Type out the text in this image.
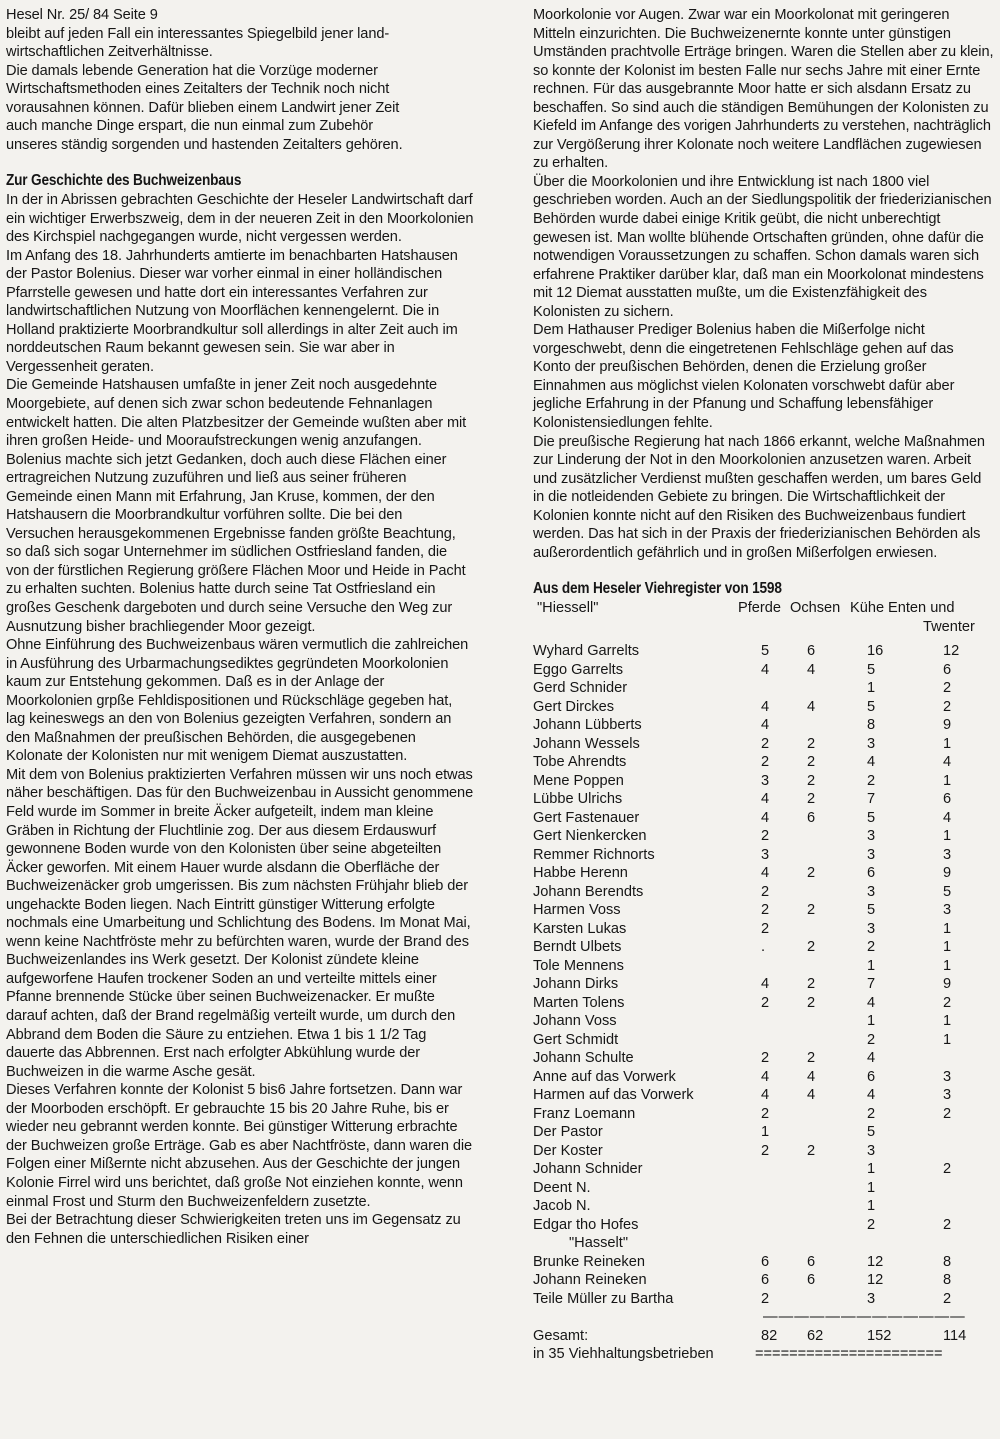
Hesel Nr. 25/ 84 Seite 9

bleibt auf jeden Fall ein interessantes Spiegelbild jener land-
wirtschaftlichen Zeitverhältnisse.
Die damals lebende Generation hat die Vorzüge moderner
Wirtschaftsmethoden eines Zeitalters der Technik noch nicht
vorausahnen können. Dafür blieben einem Landwirt jener Zeit
auch manche Dinge erspart, die nun einmal zum Zubehör
unseres ständig sorgenden und hastenden Zeitalters gehören.
Zur Geschichte des Buchweizenbaus

In der in Abrissen gebrachten Geschichte der Heseler Landwirtschaft darf ein wichtiger Erwerbszweig, dem in der neueren Zeit in den Moorkolonien des Kirchspiel nachgegangen wurde, nicht vergessen werden.

Im Anfang des 18. Jahrhunderts amtierte im benachbarten Hatshausen der Pastor Bolenius. Dieser war vorher einmal in einer holländischen Pfarrstelle gewesen und hatte dort ein interessantes Verfahren zur landwirtschaftlichen Nutzung von Moorflächen kennengelernt. Die in Holland praktizierte Moorbrandkultur soll allerdings in alter Zeit auch im norddeutschen Raum bekannt gewesen sein. Sie war aber in Vergessenheit geraten.

Die Gemeinde Hatshausen umfaßte in jener Zeit noch ausgedehnte Moorgebiete, auf denen sich zwar schon bedeutende Fehnanlagen entwickelt hatten. Die alten Platzbesitzer der Gemeinde wußten aber mit ihren großen Heide- und Mooraufstreckungen wenig anzufangen.

Bolenius machte sich jetzt Gedanken, doch auch diese Flächen einer ertragreichen Nutzung zuzuführen und ließ aus seiner früheren Gemeinde einen Mann mit Erfahrung, Jan Kruse, kommen, der den Hatshausern die Moorbrandkultur vorführen sollte. Die bei den Versuchen herausgekommenen Ergebnisse fanden größte Beachtung, so daß sich sogar Unternehmer im südlichen Ostfriesland fanden, die von der fürstlichen Regierung größere Flächen Moor und Heide in Pacht zu erhalten suchten. Bolenius hatte durch seine Tat Ostfriesland ein großes Geschenk dargeboten und durch seine Versuche den Weg zur Ausnutzung bisher brachliegender Moor gezeigt.

Ohne Einführung des Buchweizenbaus wären vermutlich die zahlreichen in Ausführung des Urbarmachungsediktes gegründeten Moorkolonien kaum zur Entstehung gekommen. Daß es in der Anlage der Moorkolonien grpße Fehldispositionen und Rückschläge gegeben hat, lag keineswegs an den von Bolenius gezeigten Verfahren, sondern an den Maßnahmen der preußischen Behörden, die ausgegebenen Kolonate der Kolonisten nur mit wenigem Diemat auszustatten.

Mit dem von Bolenius praktizierten Verfahren müssen wir uns noch etwas näher beschäftigen. Das für den Buchweizenbau in Aussicht genommene Feld wurde im Sommer in breite Äcker aufgeteilt, indem man kleine Gräben in Richtung der Fluchtlinie zog. Der aus diesem Erdauswurf gewonnene Boden wurde von den Kolonisten über seine abgeteilten Äcker geworfen. Mit einem Hauer wurde alsdann die Oberfläche der Buchweizenäcker grob umgerissen. Bis zum nächsten Frühjahr blieb der ungehackte Boden liegen. Nach Eintritt günstiger Witterung erfolgte nochmals eine Umarbeitung und Schlichtung des Bodens. Im Monat Mai, wenn keine Nachtfröste mehr zu befürchten waren, wurde der Brand des Buchweizenlandes ins Werk gesetzt. Der Kolonist zündete kleine aufgeworfene Haufen trockener Soden an und verteilte mittels einer Pfanne brennende Stücke über seinen Buchweizenacker. Er mußte darauf achten, daß der Brand regelmäßig verteilt wurde, um durch den Abbrand dem Boden die Säure zu entziehen. Etwa 1 bis 1 1/2 Tag dauerte das Abbrennen. Erst nach erfolgter Abkühlung wurde der Buchweizen in die warme Asche gesät.

Dieses Verfahren konnte der Kolonist 5 bis6 Jahre fortsetzen. Dann war der Moorboden erschöpft. Er gebrauchte 15 bis 20 Jahre Ruhe, bis er wieder neu gebrannt werden konnte. Bei günstiger Witterung erbrachte der Buchweizen große Erträge. Gab es aber Nachtfröste, dann waren die Folgen einer Mißernte nicht abzusehen. Aus der Geschichte der jungen Kolonie Firrel wird uns berichtet, daß große Not einziehen konnte, wenn einmal Frost und Sturm den Buchweizenfeldern zusetzte.

Bei der Betrachtung dieser Schwierigkeiten treten uns im Gegensatz zu den Fehnen die unterschiedlichen Risiken einer

Moorkolonie vor Augen. Zwar war ein Moorkolonat mit geringeren Mitteln einzurichten. Die Buchweizenernte konnte unter günstigen Umständen prachtvolle Erträge bringen. Waren die Stellen aber zu klein, so konnte der Kolonist im besten Falle nur sechs Jahre mit einer Ernte rechnen. Für das ausgebrannte Moor hatte er sich alsdann Ersatz zu beschaffen. So sind auch die ständigen Bemühungen der Kolonisten zu Kiefeld im Anfange des vorigen Jahrhunderts zu verstehen, nachträglich zur Vergößerung ihrer Kolonate noch weitere Landflächen zugewiesen zu erhalten.

Über die Moorkolonien und ihre Entwicklung ist nach 1800 viel geschrieben worden. Auch an der Siedlungspolitik der friederizianischen Behörden wurde dabei einige Kritik geübt, die nicht unberechtigt gewesen ist. Man wollte blühende Ortschaften gründen, ohne dafür die notwendigen Voraussetzungen zu schaffen. Schon damals waren sich erfahrene Praktiker darüber klar, daß man ein Moorkolonat mindestens mit 12 Diemat ausstatten mußte, um die Existenzfähigkeit des Kolonisten zu sichern.

Dem Hathauser Prediger Bolenius haben die Mißerfolge nicht vorgeschwebt, denn die eingetretenen Fehlschläge gehen auf das Konto der preußischen Behörden, denen die Erzielung großer Einnahmen aus möglichst vielen Kolonaten vorschwebt dafür aber jegliche Erfahrung in der Pfanung und Schaffung lebensfähiger Kolonistensiedlungen fehlte.

Die preußische Regierung hat nach 1866 erkannt, welche Maßnahmen zur Linderung der Not in den Moorkolonien anzusetzen waren. Arbeit und zusätzlicher Verdienst mußten geschaffen werden, um bares Geld in die notleidenden Gebiete zu bringen. Die Wirtschaftlichkeit der Kolonien konnte nicht auf den Risiken des Buchweizenbaus fundiert werden. Das hat sich in der Praxis der friederizianischen Behörden als außerordentlich gefährlich und in großen Mißerfolgen erwiesen.

Aus dem Heseler Viehregister von 1598
"Hiessell"	Pferde Ochsen Kühe Enten und
Twenter
Wyhard Garrelts	5	6	16	12
Eggo Garrelts	4	4	5	6
Gerd Schnider			1	2
Gert Dirckes	4	4	5	2
Johann Lübberts	4		8	9
Johann Wessels	2	2	3	1
Tobe Ahrendts	2	2	4	4
Mene Poppen	3	2	2	1
Lübbe Ulrichs	4	2	7	6
Gert Fastenauer	4	6	5	4
Gert Nienkercken	2		3	1
Remmer Richnorts	3		3	3
Habbe Herenn	4	2	6	9
Johann Berendts	2		3	5
Harmen Voss	2	2	5	3
Karsten Lukas	2		3	1
Berndt Ulbets	.	2	2	1
Tole Mennens			1	1
Johann Dirks	4	2	7	9
Marten Tolens	2	2	4	2
Johann Voss			1	1
Gert Schmidt			2	1
Johann Schulte	2	2	4	
Anne auf das Vorwerk	4	4	6	3
Harmen auf das Vorwerk	4	4	4	3
Franz Loemann	2		2	2
Der Pastor	1		5	
Der Koster	2	2	3	
Johann Schnider			1	2
Deent N.			1	
Jacob N.			1	
Edgar tho Hofes			2	2
"Hasselt"				
Brunke Reineken	6	6	12	8
Johann Reineken	6	6	12	8
Teile Müller zu Bartha	2		3	2
	—————————————			
Gesamt:	82	62	152	114
in 35 Viehhaltungsbetrieben	======================			
